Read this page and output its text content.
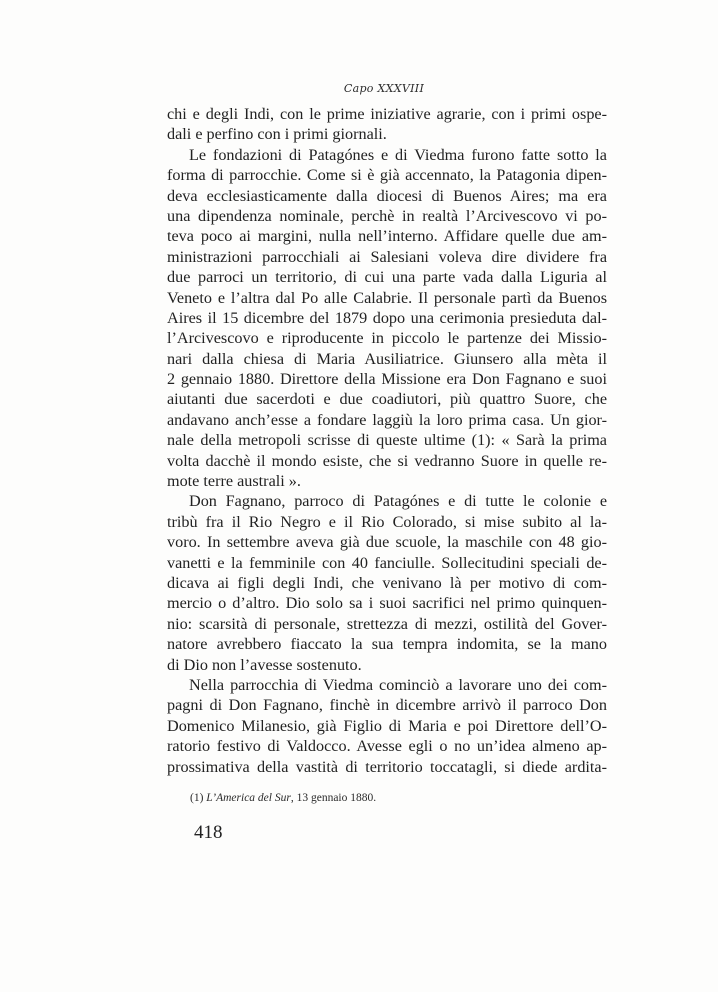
Capo XXXVIII
chi e degli Indi, con le prime iniziative agrarie, con i primi ospe-
dali e perfino con i primi giornali.
Le fondazioni di Patagónes e di Viedma furono fatte sotto la
forma di parrocchie. Come si è già accennato, la Patagonia dipen-
deva ecclesiasticamente dalla diocesi di Buenos Aires; ma era
una dipendenza nominale, perchè in realtà l’Arcivescovo vi po-
teva poco ai margini, nulla nell’interno. Affidare quelle due am-
ministrazioni parrocchiali ai Salesiani voleva dire dividere fra
due parroci un territorio, di cui una parte vada dalla Liguria al
Veneto e l’altra dal Po alle Calabrie. Il personale partì da Buenos
Aires il 15 dicembre del 1879 dopo una cerimonia presieduta dal-
l’Arcivescovo e riproducente in piccolo le partenze dei Missio-
nari dalla chiesa di Maria Ausiliatrice. Giunsero alla mèta il
2 gennaio 1880. Direttore della Missione era Don Fagnano e suoi
aiutanti due sacerdoti e due coadiutori, più quattro Suore, che
andavano anch’esse a fondare laggiù la loro prima casa. Un gior-
nale della metropoli scrisse di queste ultime (1): « Sarà la prima
volta dacchè il mondo esiste, che si vedranno Suore in quelle re-
mote terre australi ».
Don Fagnano, parroco di Patagónes e di tutte le colonie e
tribù fra il Rio Negro e il Rio Colorado, si mise subito al la-
voro. In settembre aveva già due scuole, la maschile con 48 gio-
vanetti e la femminile con 40 fanciulle. Sollecitudini speciali de-
dicava ai figli degli Indi, che venivano là per motivo di com-
mercio o d’altro. Dio solo sa i suoi sacrifici nel primo quinquen-
nio: scarsità di personale, strettezza di mezzi, ostilità del Gover-
natore avrebbero fiaccato la sua tempra indomita, se la mano
di Dio non l’avesse sostenuto.
Nella parrocchia di Viedma cominciò a lavorare uno dei com-
pagni di Don Fagnano, finchè in dicembre arrivò il parroco Don
Domenico Milanesio, già Figlio di Maria e poi Direttore dell’O-
ratorio festivo di Valdocco. Avesse egli o no un’idea almeno ap-
prossimativa della vastità di territorio toccatagli, si diede ardita-
(1) L’America del Sur, 13 gennaio 1880.
418
